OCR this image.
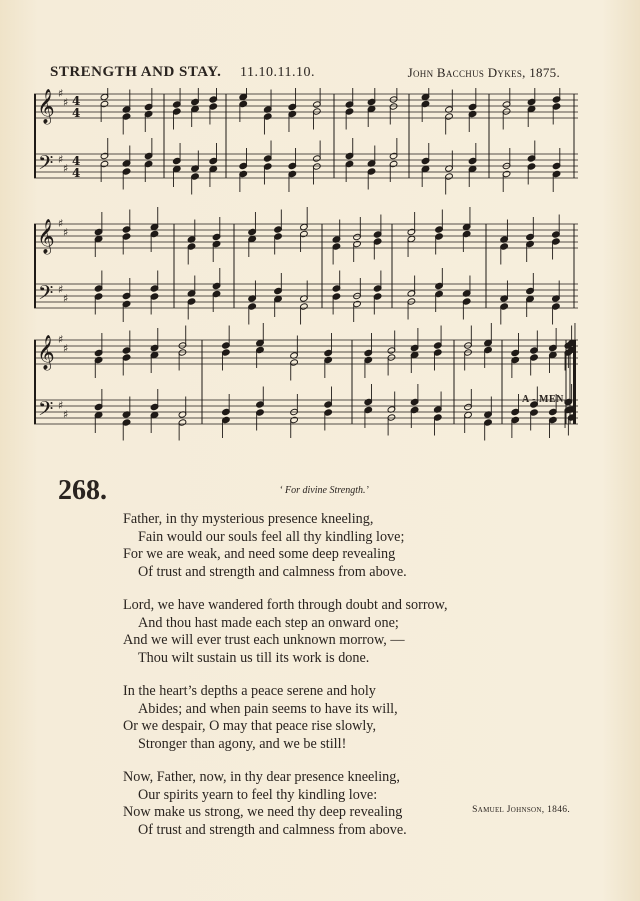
STRENGTH AND STAY. 11.10.11.10.	John Bacchus Dykes, 1875.
𝄞
𝄢
♯
♯
♯
♯
4
4
4
4
𝄞
𝄢
♯
♯
♯
♯
𝄞
𝄢
♯
♯
♯
♯
A - MEN.
268.	‘ For divine Strength.’
Father, in thy mysterious presence kneeling,
Fain would our souls feel all thy kindling love;
For we are weak, and need some deep revealing
Of trust and strength and calmness from above.
Lord, we have wandered forth through doubt and sorrow,
And thou hast made each step an onward one;
And we will ever trust each unknown morrow, —
Thou wilt sustain us till its work is done.
In the heart’s depths a peace serene and holy
Abides; and when pain seems to have its will,
Or we despair, O may that peace rise slowly,
Stronger than agony, and we be still!
Now, Father, now, in thy dear presence kneeling,
Our spirits yearn to feel thy kindling love:
Now make us strong, we need thy deep revealing
Of trust and strength and calmness from above.
Samuel Johnson, 1846.
